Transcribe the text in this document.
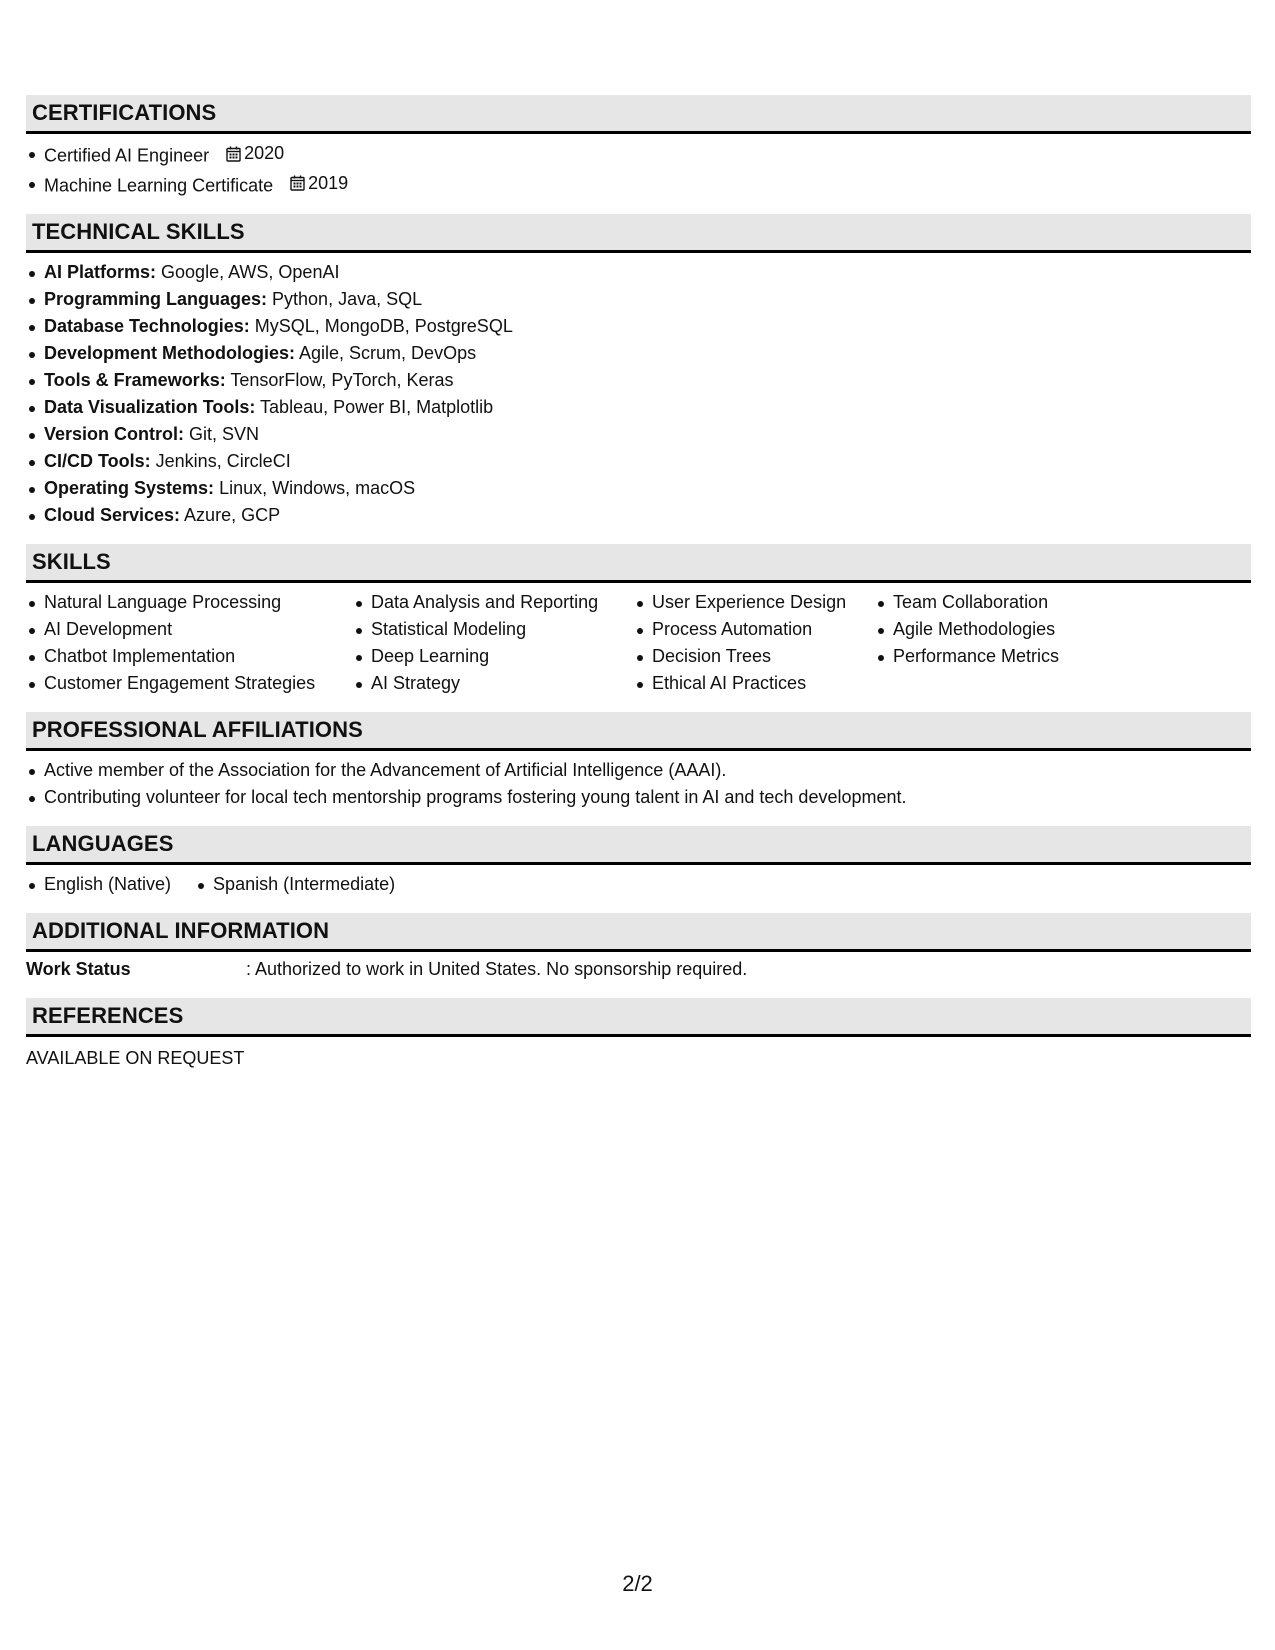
CERTIFICATIONS
Certified AI Engineer 2020
Machine Learning Certificate 2019
TECHNICAL SKILLS
AI Platforms: Google, AWS, OpenAI
Programming Languages: Python, Java, SQL
Database Technologies: MySQL, MongoDB, PostgreSQL
Development Methodologies: Agile, Scrum, DevOps
Tools & Frameworks: TensorFlow, PyTorch, Keras
Data Visualization Tools: Tableau, Power BI, Matplotlib
Version Control: Git, SVN
CI/CD Tools: Jenkins, CircleCI
Operating Systems: Linux, Windows, macOS
Cloud Services: Azure, GCP
SKILLS
Natural Language Processing
AI Development
Chatbot Implementation
Customer Engagement Strategies
Data Analysis and Reporting
Statistical Modeling
Deep Learning
AI Strategy
User Experience Design
Process Automation
Decision Trees
Ethical AI Practices
Team Collaboration
Agile Methodologies
Performance Metrics
PROFESSIONAL AFFILIATIONS
Active member of the Association for the Advancement of Artificial Intelligence (AAAI).
Contributing volunteer for local tech mentorship programs fostering young talent in AI and tech development.
LANGUAGES
English (Native)	Spanish (Intermediate)
ADDITIONAL INFORMATION
Work Status	: Authorized to work in United States. No sponsorship required.
REFERENCES
AVAILABLE ON REQUEST
2/2
